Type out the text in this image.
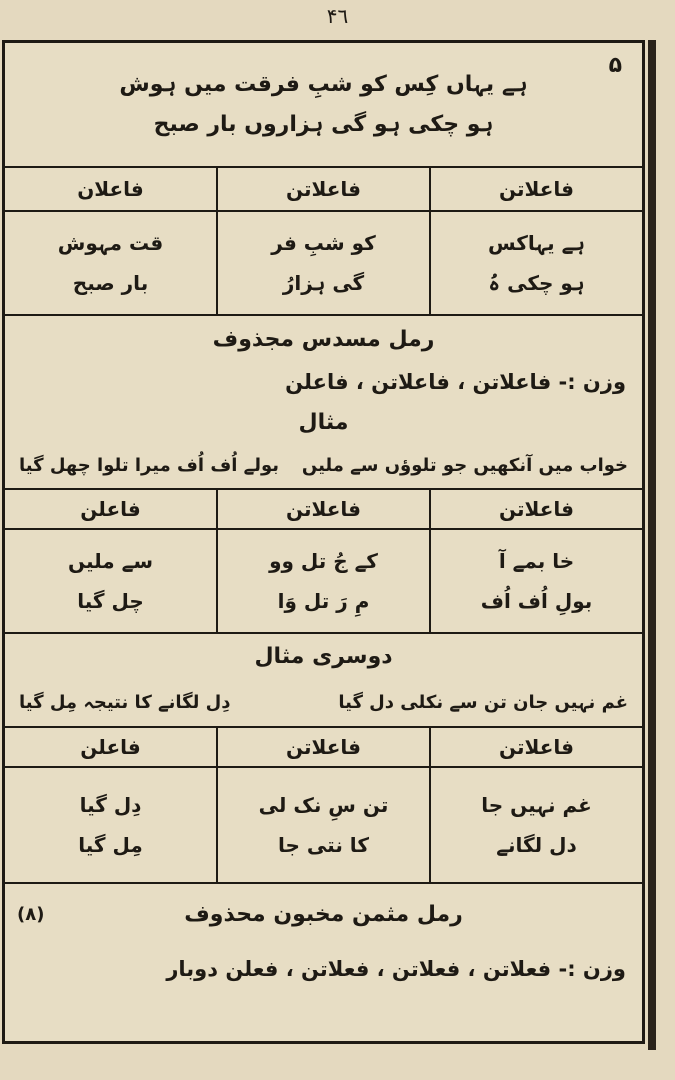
۴٦
۵
ہے یہاں کِس کو شبِ فرقت میں ہوش
ہو چکی ہو گی ہزاروں بار صبح
فاعلاتن
فاعلاتن
فاعلان
ہے یہاکس
ہو چکی ہُ
کو شبِ فر
گی ہزارُ
قت مہوش
بار صبح
رمل مسدس مجذوف
وزن :- فاعلاتن ، فاعلاتن ، فاعلن
مثال
خواب میں آنکھیں جو تلوؤں سے ملیں
بولے اُف اُف میرا تلوا چھل گیا
فاعلاتن
فاعلاتن
فاعلن
خا بمے آ
بولِ اُف اُف
کے جُ تل وو
مِ رَ تل وَا
سے ملیں
چل گیا
دوسری مثال
غم نہیں جان تن سے نکلی دل گیا
دِل لگانے کا نتیجہ مِل گیا
فاعلاتن
فاعلاتن
فاعلن
غم نہیں جا
دل لگانے
تن سِ نک لی
کا نتی جا
دِل گیا
مِل گیا
رمل مثمن مخبون محذوف
(۸)
وزن :- فعلاتن ، فعلاتن ، فعلاتن ، فعلن دوبار
